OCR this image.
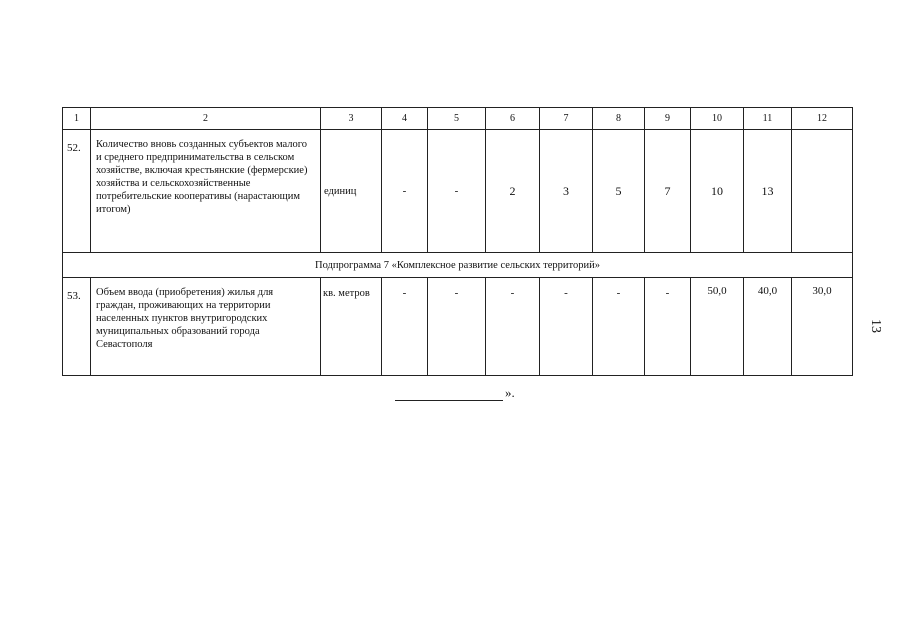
1	2	3	4	5	6	7	8	9	10	11	12
52.	Количество вновь созданных субъектов малого и среднего предпринимательства в сельском хозяйстве, включая крестьянские (фермерские) хозяйства и сельскохозяйственные потребительские кооперативы (нарастающим итогом)	единиц	-	-	2	3	5	7	10	13	
Подпрограмма 7 «Комплексное развитие сельских территорий»											
53.	Объем ввода (приобретения) жилья для граждан, проживающих на территории населенных пунктов внутригородских муниципальных образований города Севастополя	кв. метров	-	-	-	-	-	-	50,0	40,0	30,0
».
13
